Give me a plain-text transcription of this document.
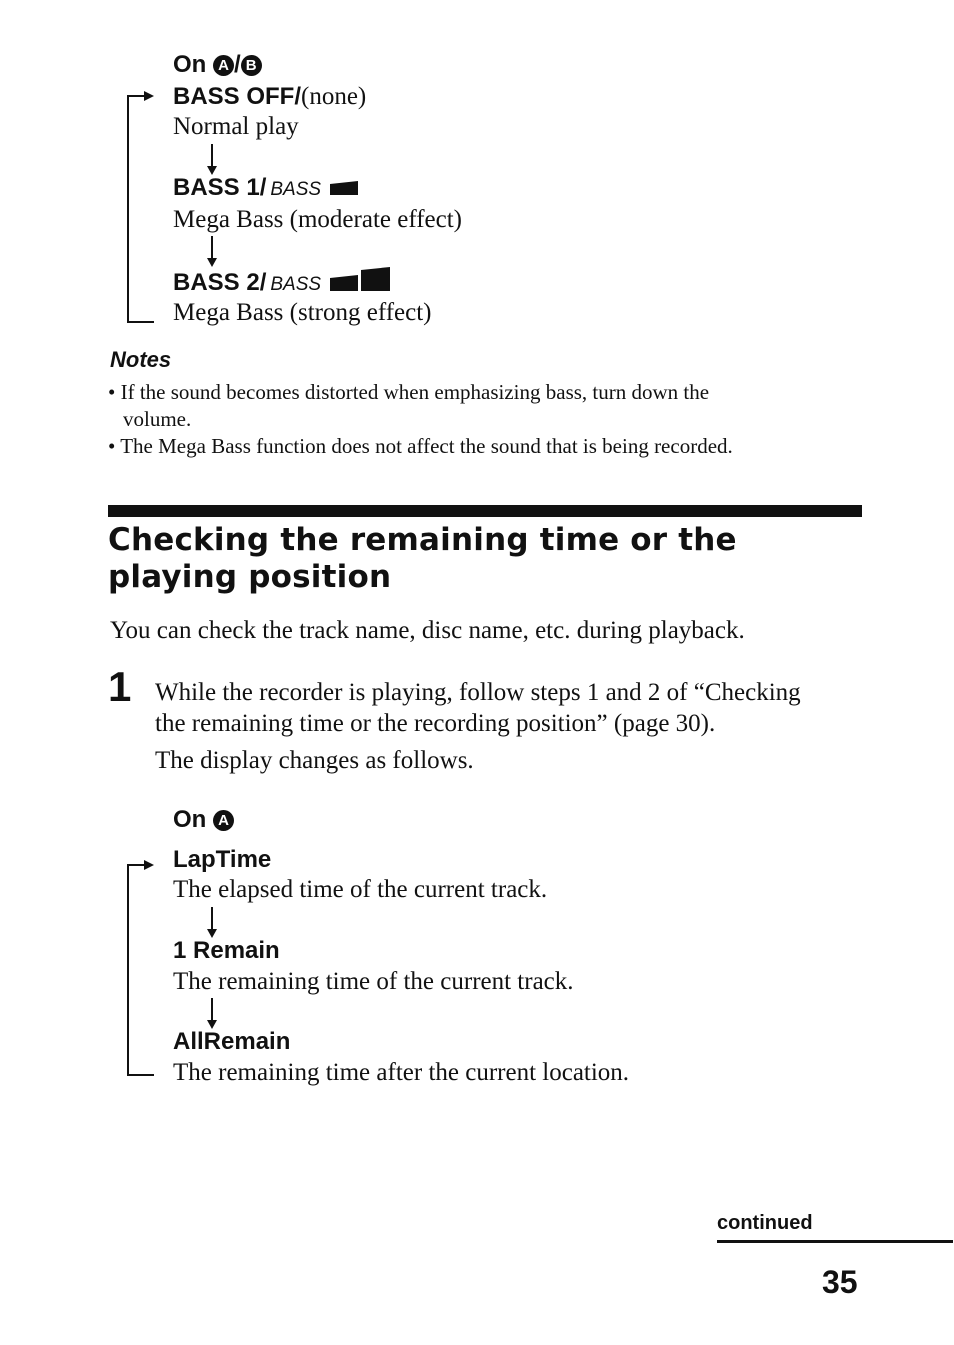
On A / B
BASS OFF/(none)
Normal play
BASS 1/ BASS
Mega Bass (moderate effect)
BASS 2/ BASS
Mega Bass (strong effect)
Notes
• If the sound becomes distorted when emphasizing bass, turn down the
volume.
• The Mega Bass function does not affect the sound that is being recorded.
Checking the remaining time or the
playing position
You can check the track name, disc name, etc. during playback.
1 While the recorder is playing, follow steps 1 and 2 of “Checking
the remaining time or the recording position” (page 30).
The display changes as follows.
On A
LapTime
The elapsed time of the current track.
1 Remain
The remaining time of the current track.
AllRemain
The remaining time after the current location.
continued
35
